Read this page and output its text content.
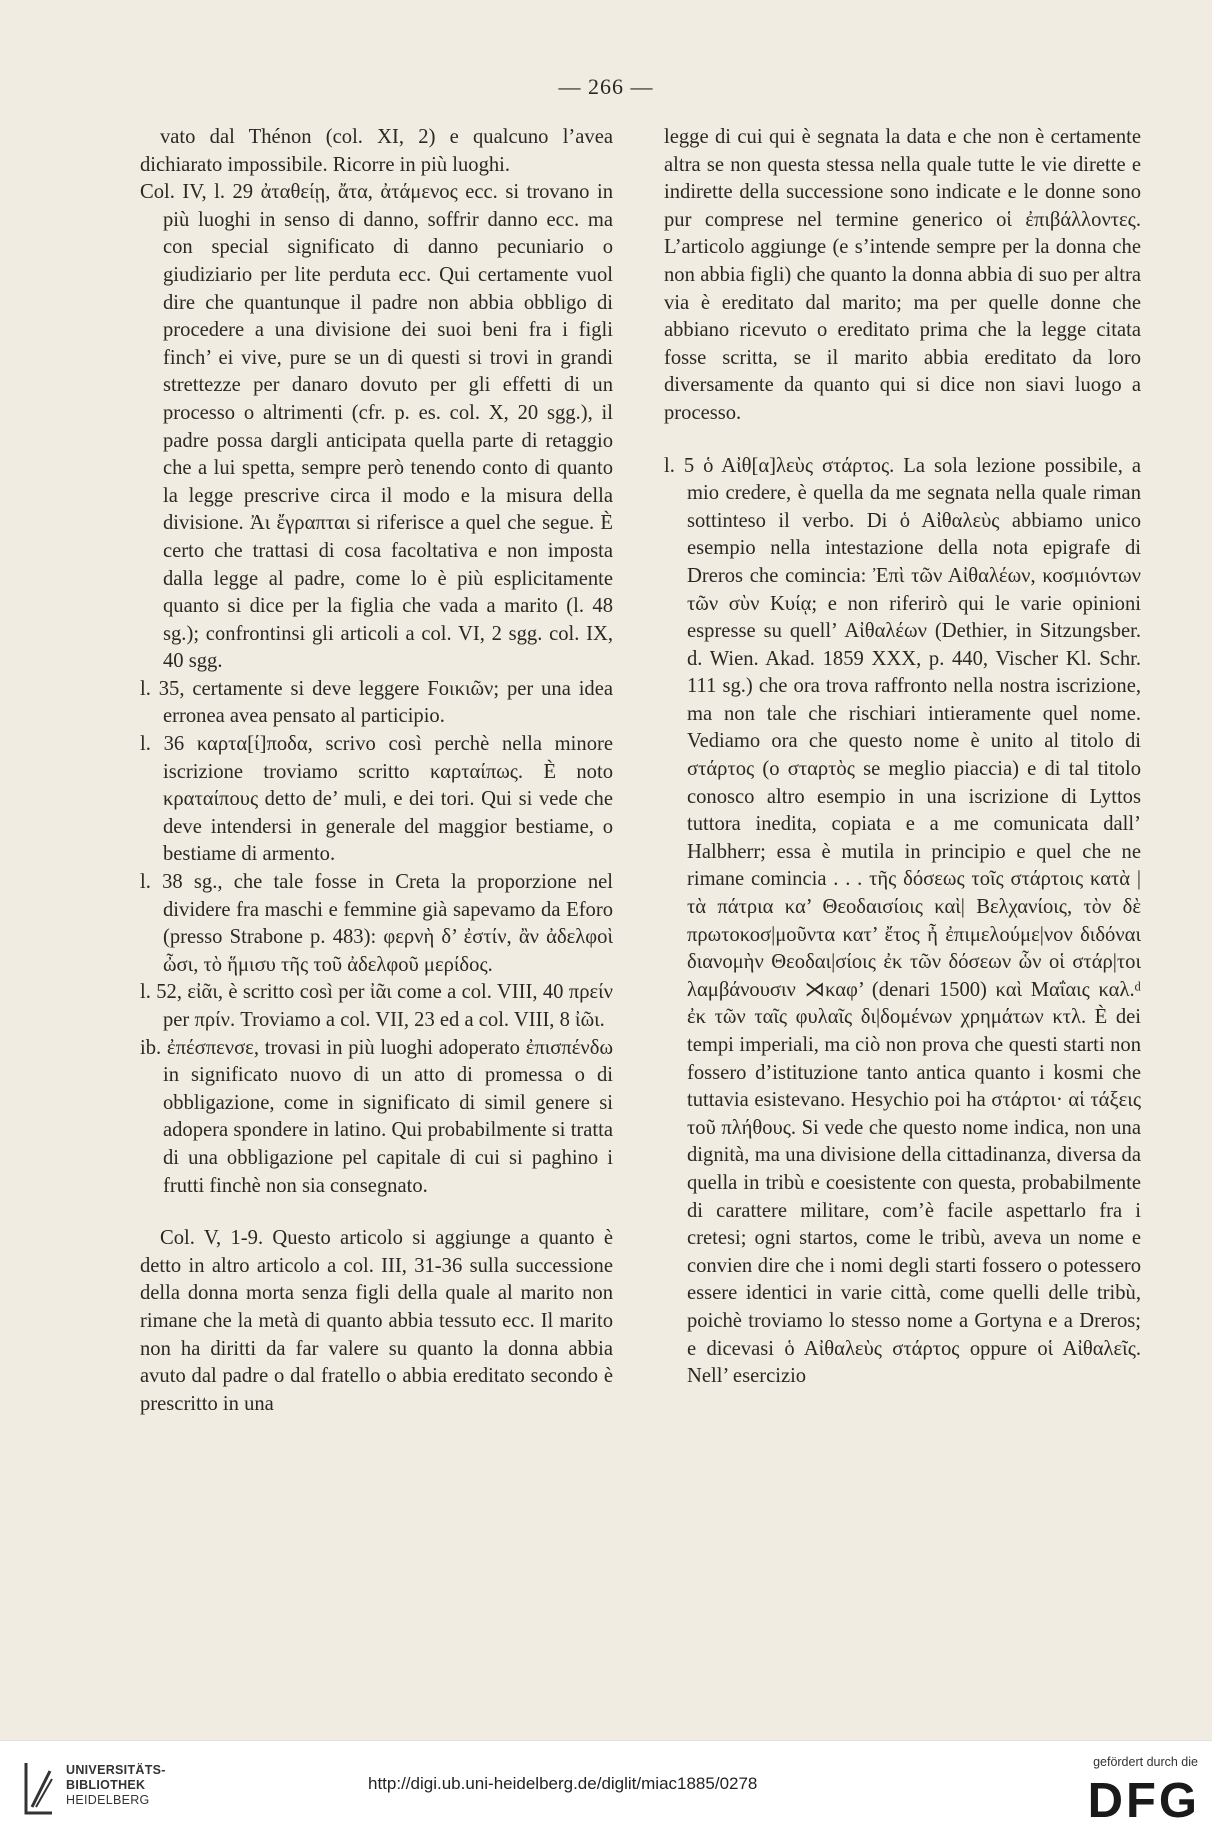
— 266 —

vato dal Thénon (col. XI, 2) e qualcuno l’avea dichiarato impossibile. Ricorre in più luoghi.

Col. IV, l. 29 ἀταθείῃ, ἄτα, ἀτάμενος ecc. si trovano in più luoghi in senso di danno, soffrir danno ecc. ma con special significato di danno pecuniario o giudiziario per lite perduta ecc. Qui certamente vuol dire che quantunque il padre non abbia obbligo di procedere a una divisione dei suoi beni fra i figli finch’ ei vive, pure se un di questi si trovi in grandi strettezze per danaro dovuto per gli effetti di un processo o altrimenti (cfr. p. es. col. X, 20 sgg.), il padre possa dargli anticipata quella parte di retaggio che a lui spetta, sempre però tenendo conto di quanto la legge prescrive circa il modo e la misura della divisione. Ἀι ἔγραπται si riferisce a quel che segue. È certo che trattasi di cosa facoltativa e non imposta dalla legge al padre, come lo è più esplicitamente quanto si dice per la figlia che vada a marito (l. 48 sg.); confrontinsi gli articoli a col. VI, 2 sgg. col. IX, 40 sgg.

l. 35, certamente si deve leggere Ϝοικιῶν; per una idea erronea avea pensato al participio.

l. 36 καρτα[ί]ποδα, scrivo così perchè nella minore iscrizione troviamo scritto καρταίπως. È noto κραταίπους detto de’ muli, e dei tori. Qui si vede che deve intendersi in generale del maggior bestiame, o bestiame di armento.

l. 38 sg., che tale fosse in Creta la proporzione nel dividere fra maschi e femmine già sapevamo da Eforo (presso Strabone p. 483): φερνὴ δ’ ἐστίν, ἂν ἀδελφοὶ ὦσι, τὸ ἥμισυ τῆς τοῦ ἀδελφοῦ μερίδος.

l. 52, εἰᾶι, è scritto così per ἰᾶι come a col. VIII, 40 πρείν per πρίν. Troviamo a col. VII, 23 ed a col. VIII, 8 ἰῶι.

ib. ἐπέσπενσε, trovasi in più luoghi adoperato ἐπισπένδω in significato nuovo di un atto di promessa o di obbligazione, come in significato di simil genere si adopera spondere in latino. Qui probabilmente si tratta di una obbligazione pel capitale di cui si paghino i frutti finchè non sia consegnato.

Col. V, 1-9. Questo articolo si aggiunge a quanto è detto in altro articolo a col. III, 31-36 sulla successione della donna morta senza figli della quale al marito non rimane che la metà di quanto abbia tessuto ecc. Il marito non ha diritti da far valere su quanto la donna abbia avuto dal padre o dal fratello o abbia ereditato secondo è prescritto in una

legge di cui qui è segnata la data e che non è certamente altra se non questa stessa nella quale tutte le vie dirette e indirette della successione sono indicate e le donne sono pur comprese nel termine generico οἱ ἐπιβάλλοντες. L’articolo aggiunge (e s’intende sempre per la donna che non abbia figli) che quanto la donna abbia di suo per altra via è ereditato dal marito; ma per quelle donne che abbiano ricevuto o ereditato prima che la legge citata fosse scritta, se il marito abbia ereditato da loro diversamente da quanto qui si dice non siavi luogo a processo.

l. 5 ὁ Αἰθ[α]λεὺς στάρτος. La sola lezione possibile, a mio credere, è quella da me segnata nella quale riman sottinteso il verbo. Di ὁ Αἰθαλεὺς abbiamo unico esempio nella intestazione della nota epigrafe di Dreros che comincia: Ἐπὶ τῶν Αἰθαλέων, κοσμιόντων τῶν σὺν Κυίᾳ; e non riferirò qui le varie opinioni espresse su quell’ Αἰθαλέων (Dethier, in Sitzungsber. d. Wien. Akad. 1859 XXX, p. 440, Vischer Kl. Schr. 111 sg.) che ora trova raffronto nella nostra iscrizione, ma non tale che rischiari intieramente quel nome. Vediamo ora che questo nome è unito al titolo di στάρτος (o σταρτὸς se meglio piaccia) e di tal titolo conosco altro esempio in una iscrizione di Lyttos tuttora inedita, copiata e a me comunicata dall’ Halbherr; essa è mutila in principio e quel che ne rimane comincia . . . τῆς δόσεως τοῖς στάρτοις κατὰ | τὰ πάτρια κα’ Θεοδαισίοις καὶ| Βελχανίοις, τὸν δὲ πρωτοκοσ|μοῦντα κατ’ ἔτος ἦ ἐπιμελούμε|νον διδόναι διανομὴν Θεοδαι|σίοις ἐκ τῶν δόσεων ὧν οἱ στάρ|τοι λαμβάνουσιν ⋊καφ’ (denari 1500) καὶ Μαΐαις καλ.ᵈ ἐκ τῶν ταῖς φυλαῖς δι|δομένων χρημάτων κτλ. È dei tempi imperiali, ma ciò non prova che questi starti non fossero d’istituzione tanto antica quanto i kosmi che tuttavia esistevano. Hesychio poi ha στάρτοι· αἱ τάξεις τοῦ πλήθους. Si vede che questo nome indica, non una dignità, ma una divisione della cittadinanza, diversa da quella in tribù e coesistente con questa, probabilmente di carattere militare, com’è facile aspettarlo fra i cretesi; ogni startos, come le tribù, aveva un nome e convien dire che i nomi degli starti fossero o potessero essere identici in varie città, come quelli delle tribù, poichè troviamo lo stesso nome a Gortyna e a Dreros; e dicevasi ὁ Αἰθαλεὺς στάρτος oppure οἱ Αἰθαλεῖς. Nell’ esercizio

UNIVERSITÄTS-
BIBLIOTHEK
HEIDELBERG
http://digi.ub.uni-heidelberg.de/diglit/miac1885/0278
gefördert durch die
DFG
